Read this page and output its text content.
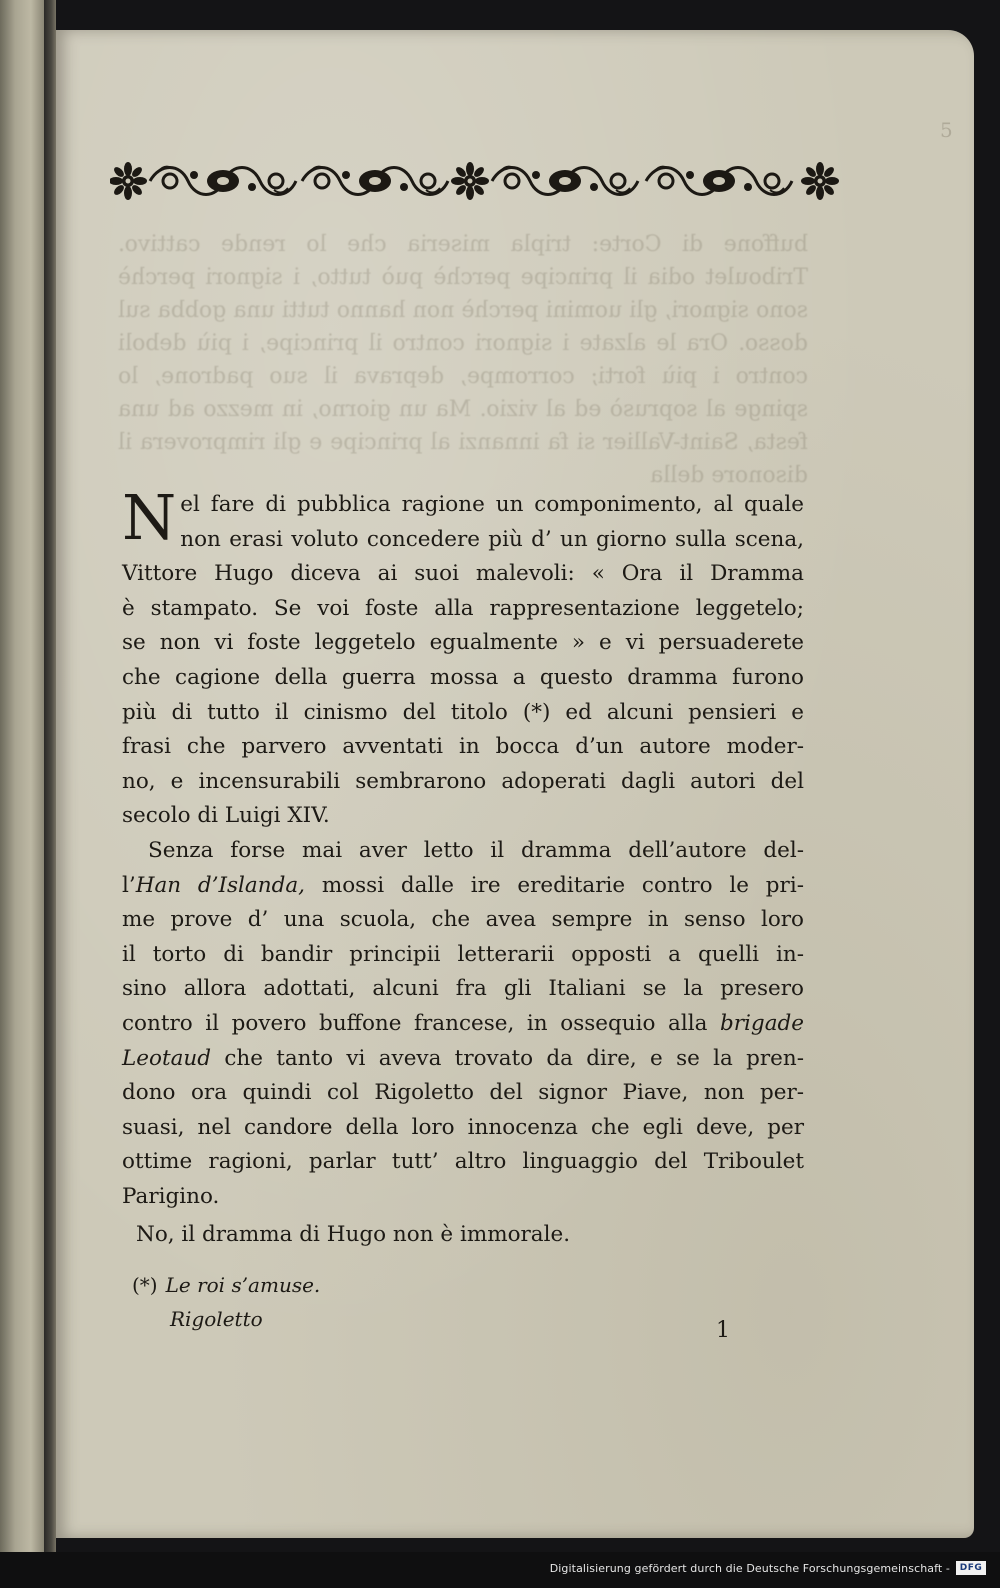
5
buffone di Corte: tripla miseria che lo rende cattivo. Triboulet odia il principe perchè può tutto, i signori perchè sono signori, gli uomini perchè non hanno tutti una gobba sul dosso. Ora le alzate i signori contro il principe, i più deboli contro i più forti; corrompe, deprava il suo padrone, lo spinge al soprusò ed al vizio. Ma un giorno, in mezzo ad una festa, Saint-Vallier si fa innanzi al principe e gli rimprovera il disonore della

N el fare di pubblica ragione un componimento, al quale
non erasi voluto concedere più d’ un giorno sulla scena,
Vittore Hugo diceva ai suoi malevoli: « Ora il Dramma
è stampato. Se voi foste alla rappresentazione leggetelo;
se non vi foste leggetelo egualmente » e vi persuaderete
che cagione della guerra mossa a questo dramma furono
più di tutto il cinismo del titolo (*) ed alcuni pensieri e
frasi che parvero avventati in bocca d’un autore moder-
no, e incensurabili sembrarono adoperati dagli autori del
secolo di Luigi XIV.

Senza forse mai aver letto il dramma dell’autore del-
l’Han d’Islanda, mossi dalle ire ereditarie contro le pri-
me prove d’ una scuola, che avea sempre in senso loro
il torto di bandir principii letterarii opposti a quelli in-
sino allora adottati, alcuni fra gli Italiani se la presero
contro il povero buffone francese, in ossequio alla brigade
Leotaud che tanto vi aveva trovato da dire, e se la pren-
dono ora quindi col Rigoletto del signor Piave, non per-
suasi, nel candore della loro innocenza che egli deve, per
ottime ragioni, parlar tutt’ altro linguaggio del Triboulet
Parigino.

No, il dramma di Hugo non è immorale.

(*) Le roi s’amuse.
Rigoletto	1
Digitalisierung gefördert durch die Deutsche Forschungsgemeinschaft -	DFG
